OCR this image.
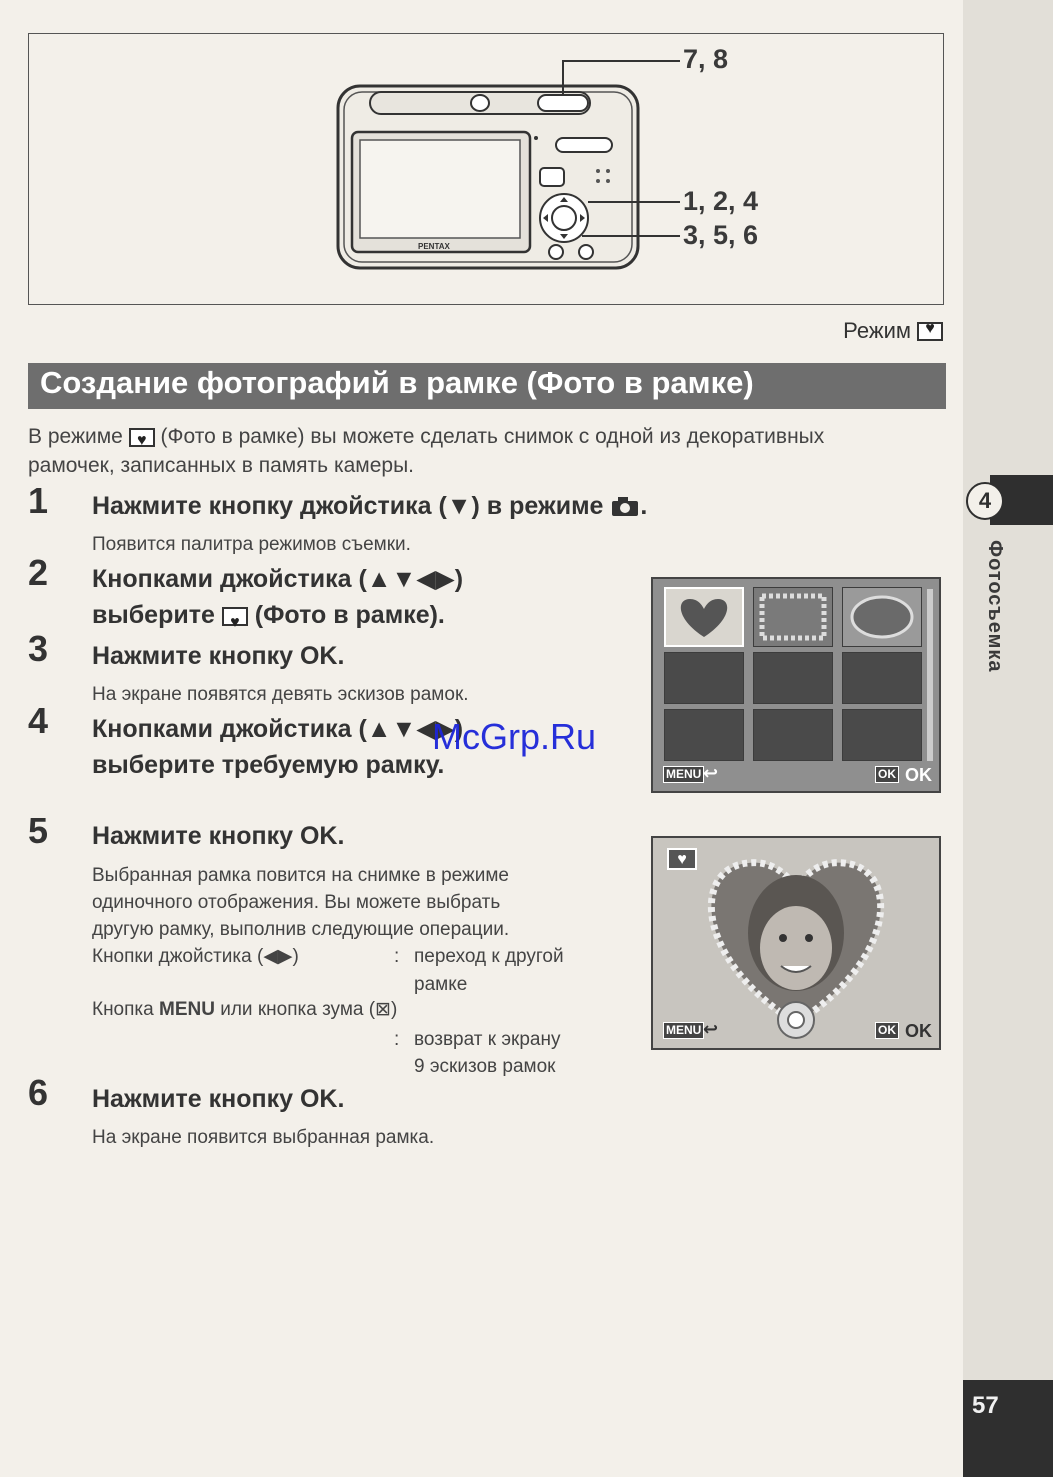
4
Фотосъемка
57
PENTAX
7, 8
1, 2, 4
3, 5, 6
Режим
♥
Создание фотографий в рамке (Фото в рамке)
В режиме ♥ (Фото в рамке) вы можете сделать снимок с одной из декоративных рамочек, записанных в память камеры.
1 Нажмите кнопку джойстика (▼) в режиме .
Появится палитра режимов съемки.
2 Кнопками джойстика (▲▼◀▶)
выберите ♥ (Фото в рамке).
3 Нажмите кнопку OK.
На экране появятся девять эскизов рамок.
4 Кнопками джойстика (▲▼◀▶)
выберите требуемую рамку.	MENU ↩	OK OK
5 Нажмите кнопку OK.
Выбранная рамка повится на снимке в режиме
одиночного отображения. Вы можете выбрать
другую рамку, выполнив следующие операции.
Кнопки джойстика (◀▶)	: переход к другой
рамке
Кнопка MENU или кнопка зума (⊠)
: возврат к экрану
9 эскизов рамок
♥
MENU ↩	OK OK
6 Нажмите кнопку OK.
На экране появится выбранная рамка.
McGrp.Ru
